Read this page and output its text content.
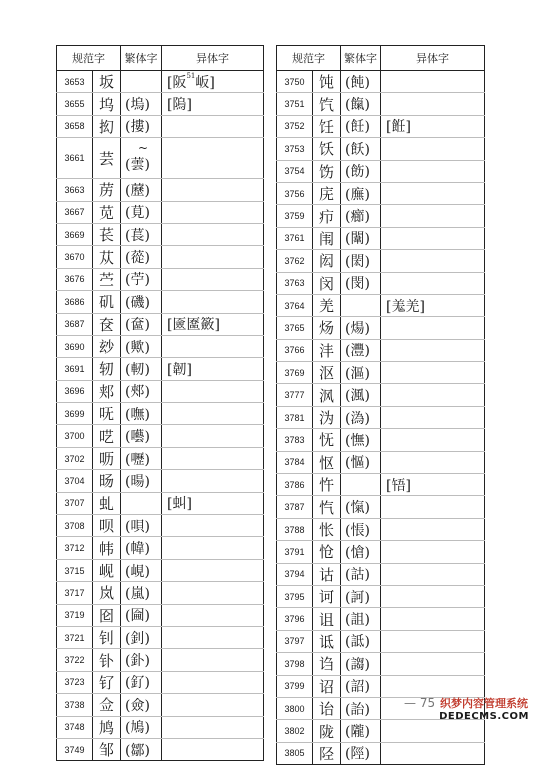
规范字		繁体字	异体字
3653	坂		[阪$^{51}$岅]
3655	坞	(塢)	[隖]
3658	抝	(摟)	
3661	芸	~
(蕓)	
3663	苈	(藶)	
3667	苋	(莧)	
3669	苌	(萇)	
3670	苁	(蓯)	
3676	苎	(苧)	
3686	矶	(磯)	
3687	奁	(奩)	[匳匲籢]
3690	玅	(歟)	
3691	轫	(軔)	[韌]
3696	郏	(郟)	
3699	呒	(嘸)	
3700	呓	(囈)	
3702	呖	(嚦)	
3704	旸	(暘)	
3707	虬		[虯]
3708	呗	(唄)	
3712	帏	(幃)	
3715	岘	(峴)	
3717	岚	(嵐)	
3719	囵	(圇)	
3721	钊	(釗)	
3722	钋	(釙)	
3723	钌	(釕)	
3738	佥	(僉)	
3748	鸠	(鳩)	
3749	邹	(鄒)	
规范字		繁体字	异体字
3750	饨	(飩)	
3751	饩	(餼)	
3752	饪	(飪)	[餁]
3753	饫	(飫)	
3754	饬	(飭)	
3756	庑	(廡)	
3759	疖	(癤)	
3761	闱	(闈)	
3762	闳	(閎)	
3763	闵	(閔)	
3764	羌		[羗羌]
3765	炀	(煬)	
3766	沣	(灃)	
3769	沤	(漚)	
3777	沨	(渢)	
3781	沩	(溈)	
3783	怃	(憮)	
3784	怄	(慪)	
3786	忤		[啎]
3787	忾	(愾)	
3788	怅	(悵)	
3791	怆	(愴)	
3794	诂	(詁)	
3795	诃	(訶)	
3796	诅	(詛)	
3797	诋	(詆)	
3798	诌	(謅)	
3799	诏	(詔)	
3800	诒	(詒)	
3802	陇	(隴)	
3805	陉	(陘)	
— 75 织梦内容管理系统
DEDECMS.COM
